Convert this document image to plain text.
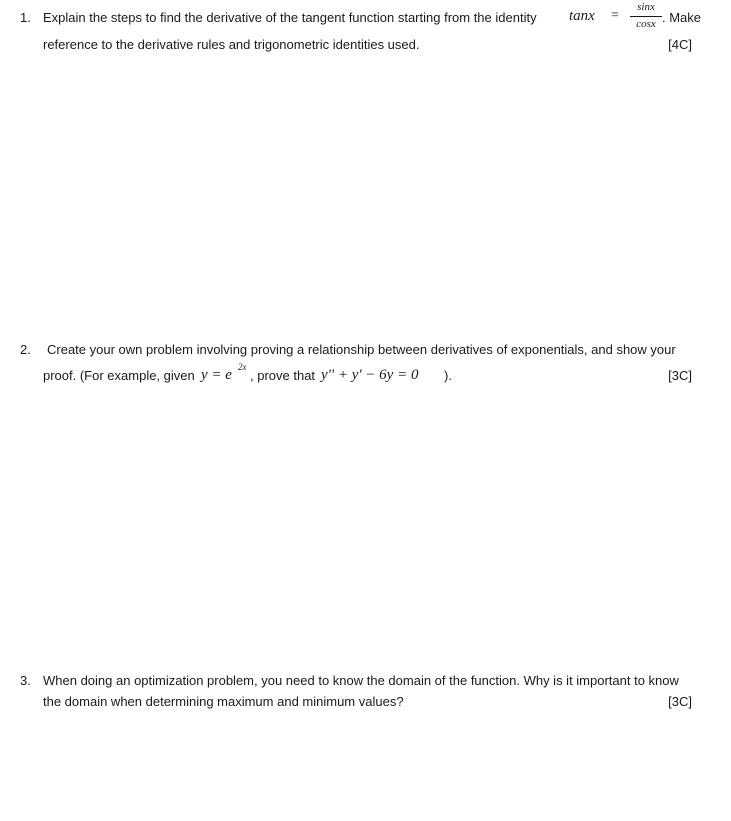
1. Explain the steps to find the derivative of the tangent function starting from the identity tanx =
sinx
cosx . Make
reference to the derivative rules and trigonometric identities used.	[4C]
2. Create your own problem involving proving a relationship between derivatives of exponentials, and show your
proof. (For example, given y = e 2x
, prove that y'' + y' − 6y = 0 ).	[3C]
3. When doing an optimization problem, you need to know the domain of the function. Why is it important to know
the domain when determining maximum and minimum values?	[3C]
